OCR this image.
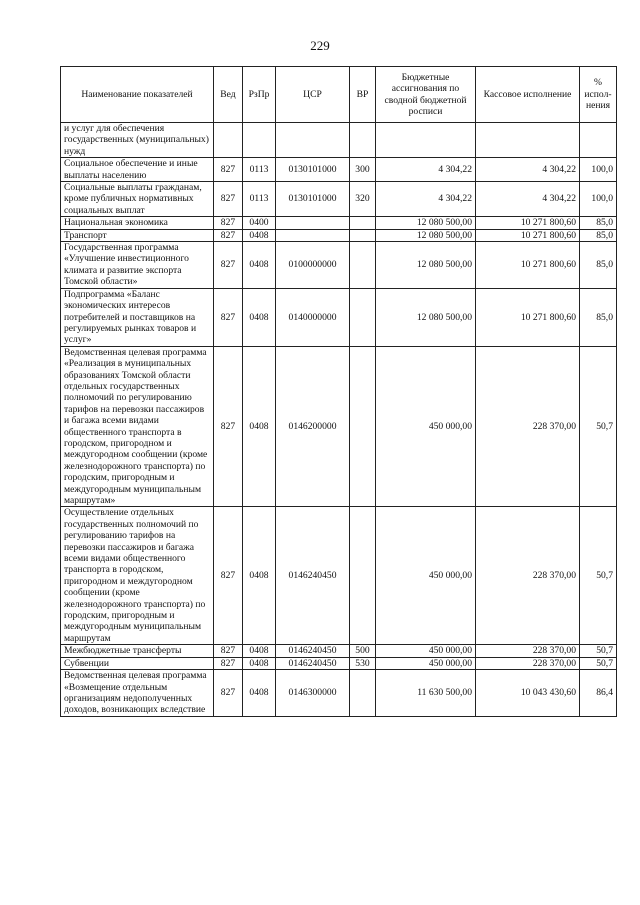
229
Наименование показателей	Вед	РзПр	ЦСР	ВР	Бюджетные ассигнования по сводной бюджетной росписи	Кассовое исполнение	% испол-нения
и услуг для обеспечения государственных (муниципальных) нужд							
Социальное обеспечение и иные выплаты населению	827	0113	0130101000	300	4 304,22	4 304,22	100,0
Социальные выплаты гражданам, кроме публичных нормативных социальных выплат	827	0113	0130101000	320	4 304,22	4 304,22	100,0
Национальная экономика	827	0400			12 080 500,00	10 271 800,60	85,0
Транспорт	827	0408			12 080 500,00	10 271 800,60	85,0
Государственная программа «Улучшение инвестиционного климата и развитие экспорта Томской области»	827	0408	0100000000		12 080 500,00	10 271 800,60	85,0
Подпрограмма «Баланс экономических интересов потребителей и поставщиков на регулируемых рынках товаров и услуг»	827	0408	0140000000		12 080 500,00	10 271 800,60	85,0
Ведомственная целевая программа «Реализация в муниципальных образованиях Томской области отдельных государственных полномочий по регулированию тарифов на перевозки пассажиров и багажа всеми видами общественного транспорта в городском, пригородном и междугородном сообщении (кроме железнодорожного транспорта) по городским, пригородным и междугородным муниципальным маршрутам»	827	0408	0146200000		450 000,00	228 370,00	50,7
Осуществление отдельных государственных полномочий по регулированию тарифов на перевозки пассажиров и багажа всеми видами общественного транспорта в городском, пригородном и междугородном сообщении (кроме железнодорожного транспорта) по городским, пригородным и междугородным муниципальным маршрутам	827	0408	0146240450		450 000,00	228 370,00	50,7
Межбюджетные трансферты	827	0408	0146240450	500	450 000,00	228 370,00	50,7
Субвенции	827	0408	0146240450	530	450 000,00	228 370,00	50,7
Ведомственная целевая программа «Возмещение отдельным организациям недополученных доходов, возникающих вследствие	827	0408	0146300000		11 630 500,00	10 043 430,60	86,4
